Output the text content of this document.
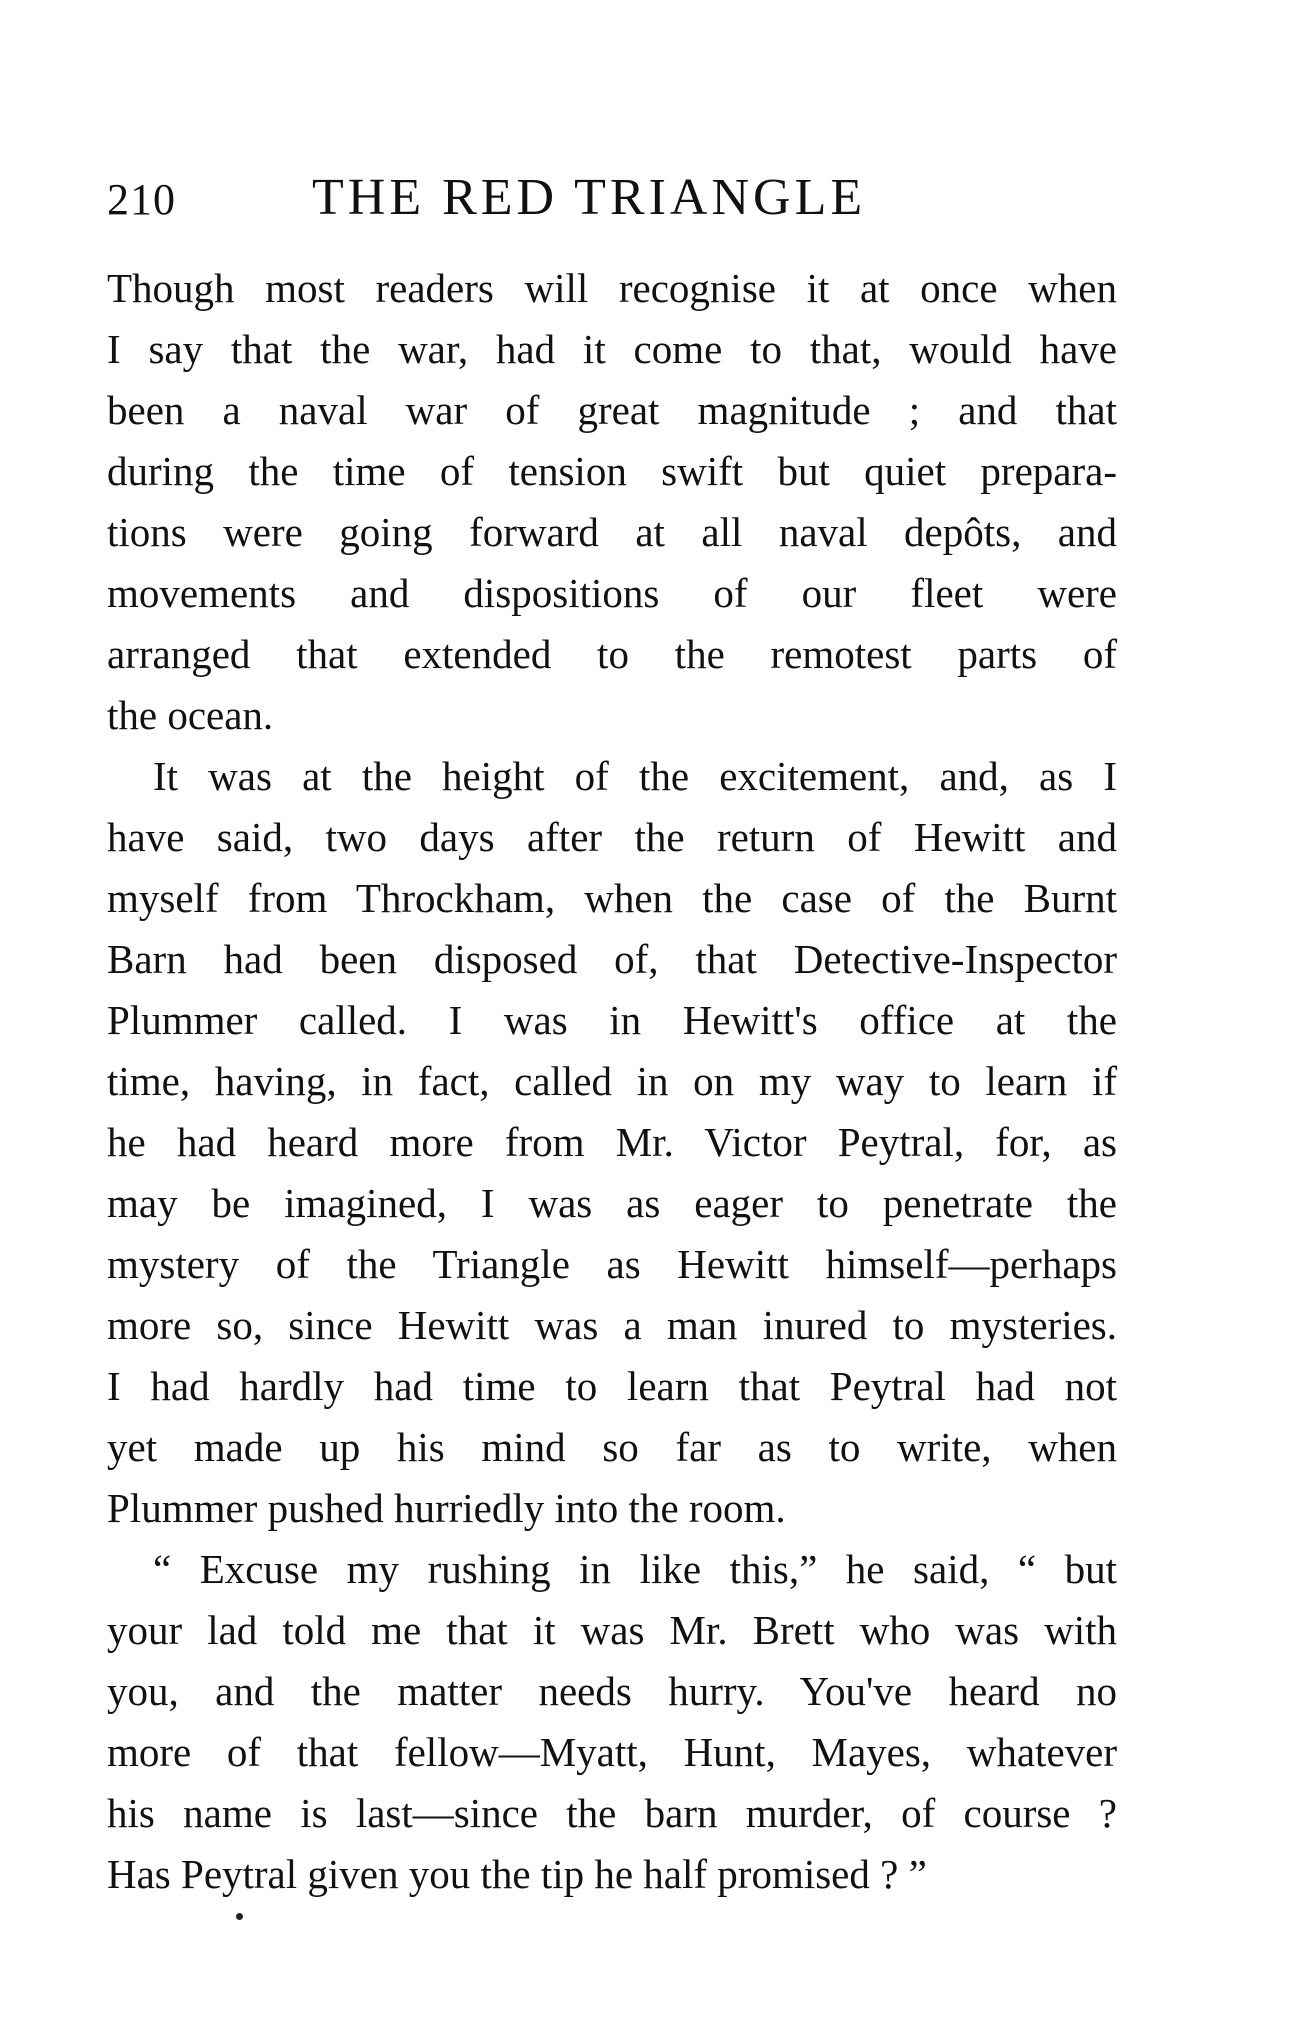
210	THE RED TRIANGLE
Though most readers will recognise it at once when
I say that the war, had it come to that, would have
been a naval war of great magnitude ; and that
during the time of tension swift but quiet prepara-
tions were going forward at all naval depôts, and
movements and dispositions of our fleet were
arranged that extended to the remotest parts of
the ocean.
It was at the height of the excitement, and, as I
have said, two days after the return of Hewitt and
myself from Throckham, when the case of the Burnt
Barn had been disposed of, that Detective-Inspector
Plummer called. I was in Hewitt's office at the
time, having, in fact, called in on my way to learn if
he had heard more from Mr. Victor Peytral, for, as
may be imagined, I was as eager to penetrate the
mystery of the Triangle as Hewitt himself—perhaps
more so, since Hewitt was a man inured to mysteries.
I had hardly had time to learn that Peytral had not
yet made up his mind so far as to write, when
Plummer pushed hurriedly into the room.
“ Excuse my rushing in like this,” he said, “ but
your lad told me that it was Mr. Brett who was with
you, and the matter needs hurry. You've heard no
more of that fellow—Myatt, Hunt, Mayes, whatever
his name is last—since the barn murder, of course ?
Has Peytral given you the tip he half promised ? ”
